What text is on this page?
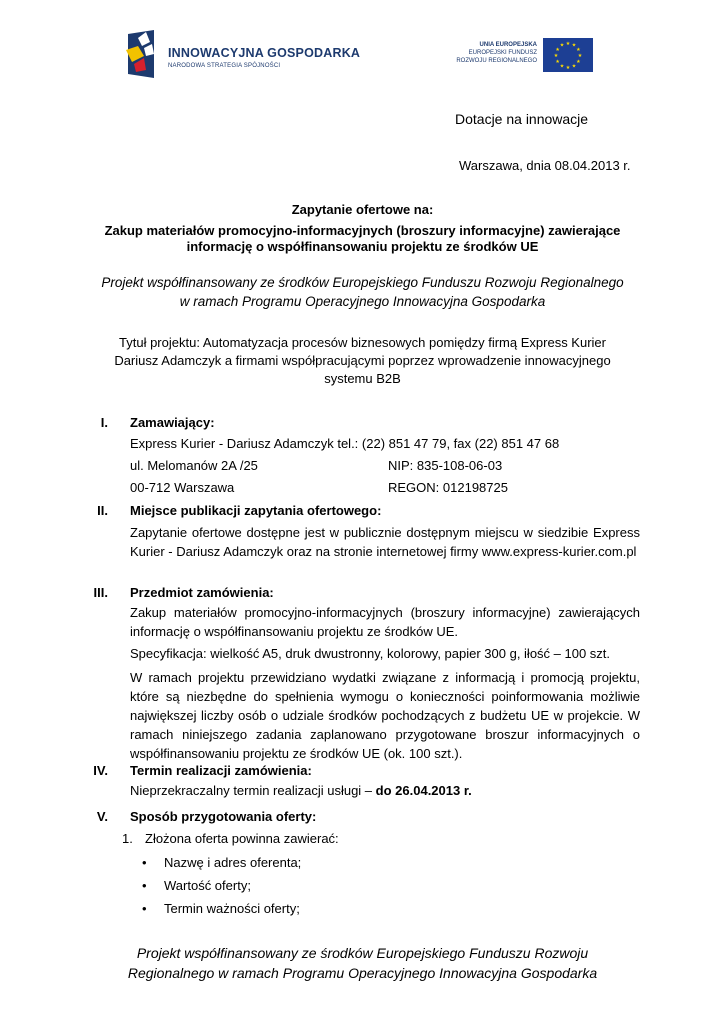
INNOWACYJNA GOSPODARKA
NARODOWA STRATEGIA SPÓJNOŚCI
UNIA EUROPEJSKA
EUROPEJSKI FUNDUSZ
ROZWOJU REGIONALNEGO
★ ★
★
★
★
★
★
★
★
★
★
★
Dotacje na innowacje
Warszawa, dnia 08.04.2013 r.
Zapytanie ofertowe na:
Zakup materiałów promocyjno-informacyjnych (broszury informacyjne) zawierające
informację o współfinansowaniu projektu ze środków UE
Projekt współfinansowany ze środków Europejskiego Funduszu Rozwoju Regionalnego
w ramach Programu Operacyjnego Innowacyjna Gospodarka
Tytuł projektu: Automatyzacja procesów biznesowych pomiędzy firmą Express Kurier
Dariusz Adamczyk a firmami współpracującymi poprzez wprowadzenie innowacyjnego
systemu B2B
I. Zamawiający:
Express Kurier - Dariusz Adamczyk tel.: (22) 851 47 79, fax (22) 851 47 68
ul. Melomanów 2A /25	NIP: 835-108-06-03
00-712 Warszawa	REGON: 012198725
II. Miejsce publikacji zapytania ofertowego:
Zapytanie ofertowe dostępne jest w publicznie dostępnym miejscu w siedzibie Express Kurier - Dariusz Adamczyk oraz na stronie internetowej firmy www.express-kurier.com.pl
III. Przedmiot zamówienia:
Zakup materiałów promocyjno-informacyjnych (broszury informacyjne) zawierających informację o współfinansowaniu projektu ze środków UE.
Specyfikacja: wielkość A5, druk dwustronny, kolorowy, papier 300 g, iłość – 100 szt.
W ramach projektu przewidziano wydatki związane z informacją i promocją projektu, które są niezbędne do spełnienia wymogu o konieczności poinformowania możliwie największej liczby osób o udziale środków pochodzących z budżetu UE w projekcie. W ramach niniejszego zadania zaplanowano przygotowane broszur informacyjnych o współfinansowaniu projektu ze środków UE (ok. 100 szt.).
IV. Termin realizacji zamówienia:
Nieprzekraczalny termin realizacji usługi – do 26.04.2013 r.
V. Sposób przygotowania oferty:
1. Złożona oferta powinna zawierać:
• Nazwę i adres oferenta;
• Wartość oferty;
• Termin ważności oferty;
Projekt współfinansowany ze środków Europejskiego Funduszu Rozwoju
Regionalnego w ramach Programu Operacyjnego Innowacyjna Gospodarka
